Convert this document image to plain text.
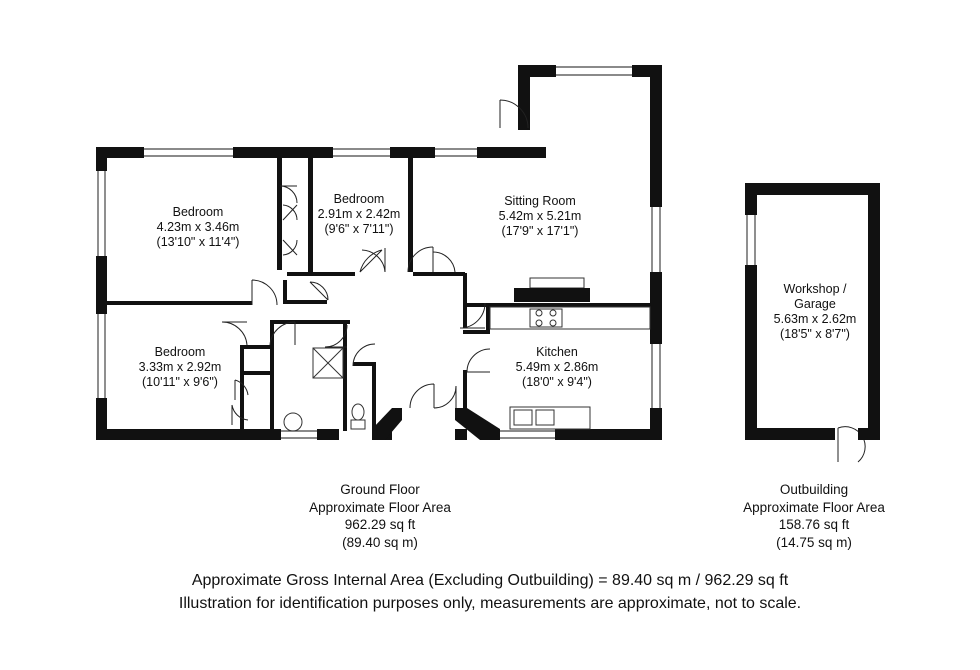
Bedroom
4.23m x 3.46m
(13'10" x 11'4")
Bedroom
2.91m x 2.42m
(9'6" x 7'11")
Sitting Room
5.42m x 5.21m
(17'9" x 17'1")
Bedroom
3.33m x 2.92m
(10'11" x 9'6")
Kitchen
5.49m x 2.86m
(18'0" x 9'4")
Workshop /
Garage
5.63m x 2.62m
(18'5" x 8'7")
Ground Floor
Approximate Floor Area
962.29 sq ft
(89.40 sq m)
Outbuilding
Approximate Floor Area
158.76 sq ft
(14.75 sq m)
Approximate Gross Internal Area (Excluding Outbuilding) = 89.40 sq m / 962.29 sq ft
Illustration for identification purposes only, measurements are approximate, not to scale.
